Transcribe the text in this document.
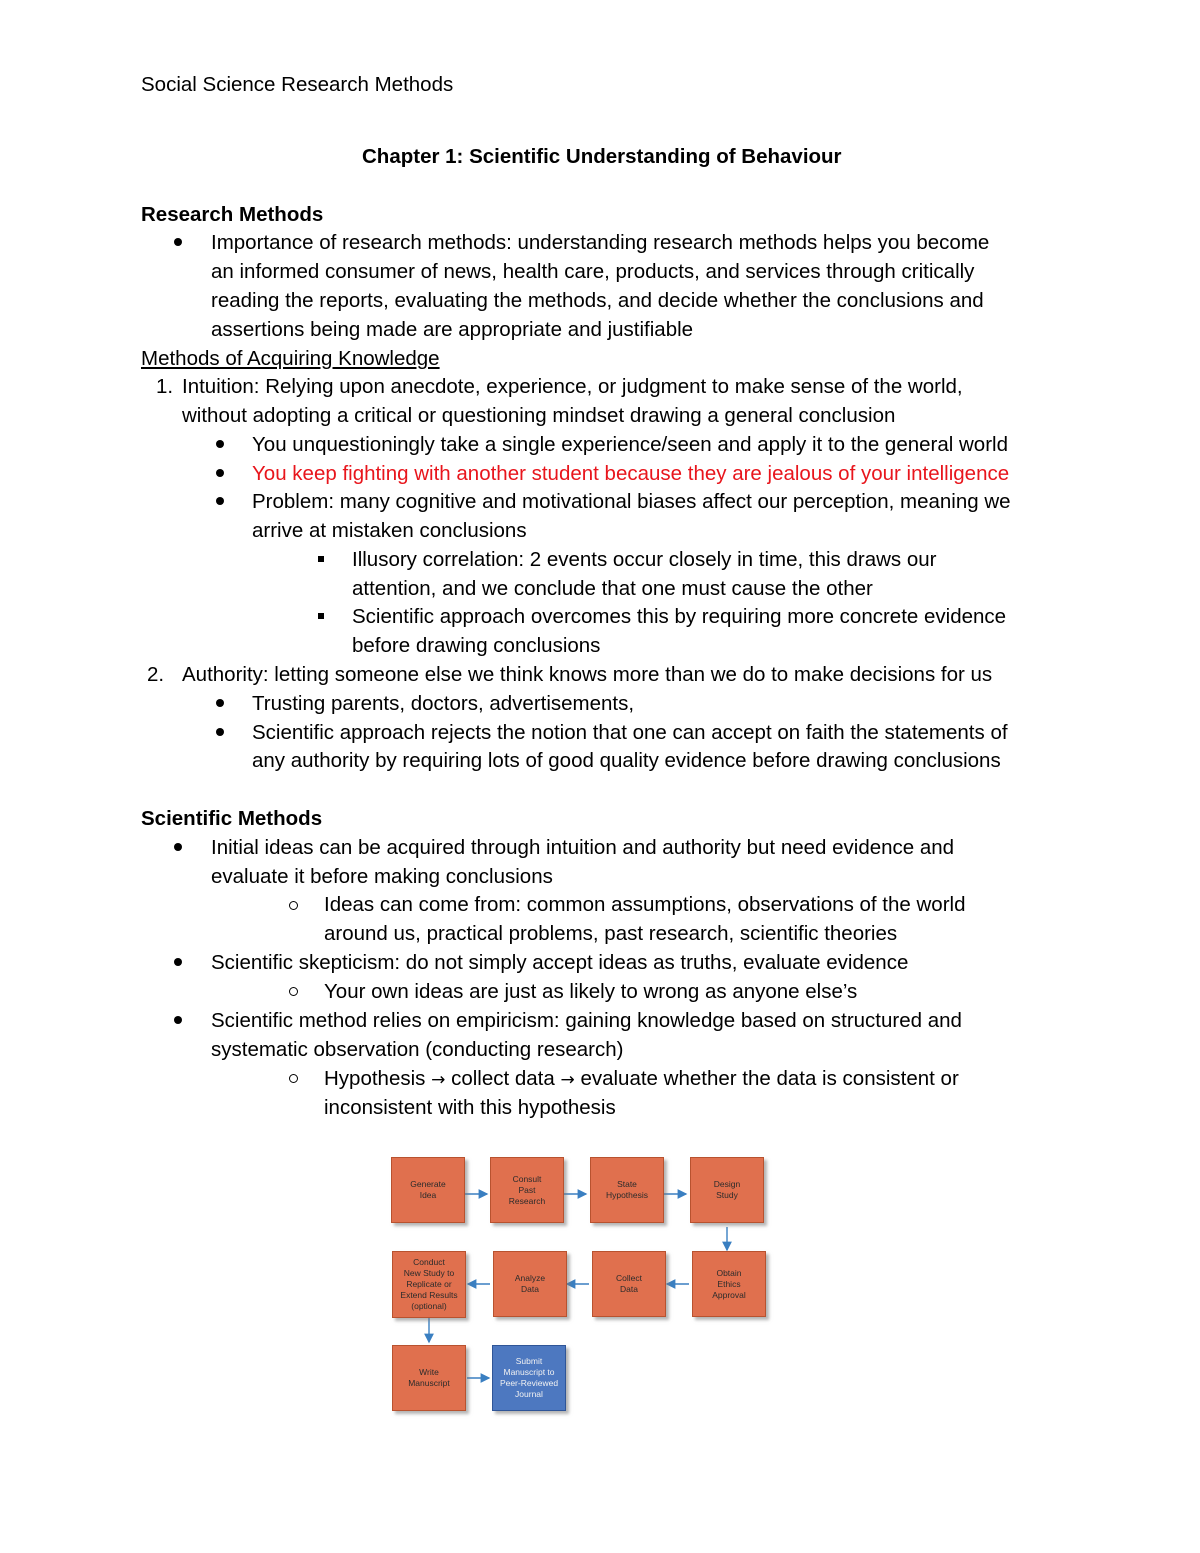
Social Science Research Methods
Chapter 1: Scientific Understanding of Behaviour
Research Methods
Importance of research methods: understanding research methods helps you become
an informed consumer of news, health care, products, and services through critically
reading the reports, evaluating the methods, and decide whether the conclusions and
assertions being made are appropriate and justifiable
Methods of Acquiring Knowledge
1. Intuition: Relying upon anecdote, experience, or judgment to make sense of the world,
without adopting a critical or questioning mindset drawing a general conclusion
You unquestioningly take a single experience/seen and apply it to the general world
You keep fighting with another student because they are jealous of your intelligence
Problem: many cognitive and motivational biases affect our perception, meaning we
arrive at mistaken conclusions
Illusory correlation: 2 events occur closely in time, this draws our
attention, and we conclude that one must cause the other
Scientific approach overcomes this by requiring more concrete evidence
before drawing conclusions
2. Authority: letting someone else we think knows more than we do to make decisions for us
Trusting parents, doctors, advertisements,
Scientific approach rejects the notion that one can accept on faith the statements of
any authority by requiring lots of good quality evidence before drawing conclusions
Scientific Methods
Initial ideas can be acquired through intuition and authority but need evidence and
evaluate it before making conclusions
Ideas can come from: common assumptions, observations of the world
around us, practical problems, past research, scientific theories
Scientific skepticism: do not simply accept ideas as truths, evaluate evidence
Your own ideas are just as likely to wrong as anyone else’s
Scientific method relies on empiricism: gaining knowledge based on structured and
systematic observation (conducting research)
Hypothesis → collect data → evaluate whether the data is consistent or
inconsistent with this hypothesis
Generate
Idea
Consult
Past
Research
State
Hypothesis
Design
Study
Obtain
Ethics
Approval
Collect
Data
Analyze
Data
Conduct
New Study to
Replicate or
Extend Results
(optional)
Write
Manuscript
Submit
Manuscript to
Peer-Reviewed
Journal
